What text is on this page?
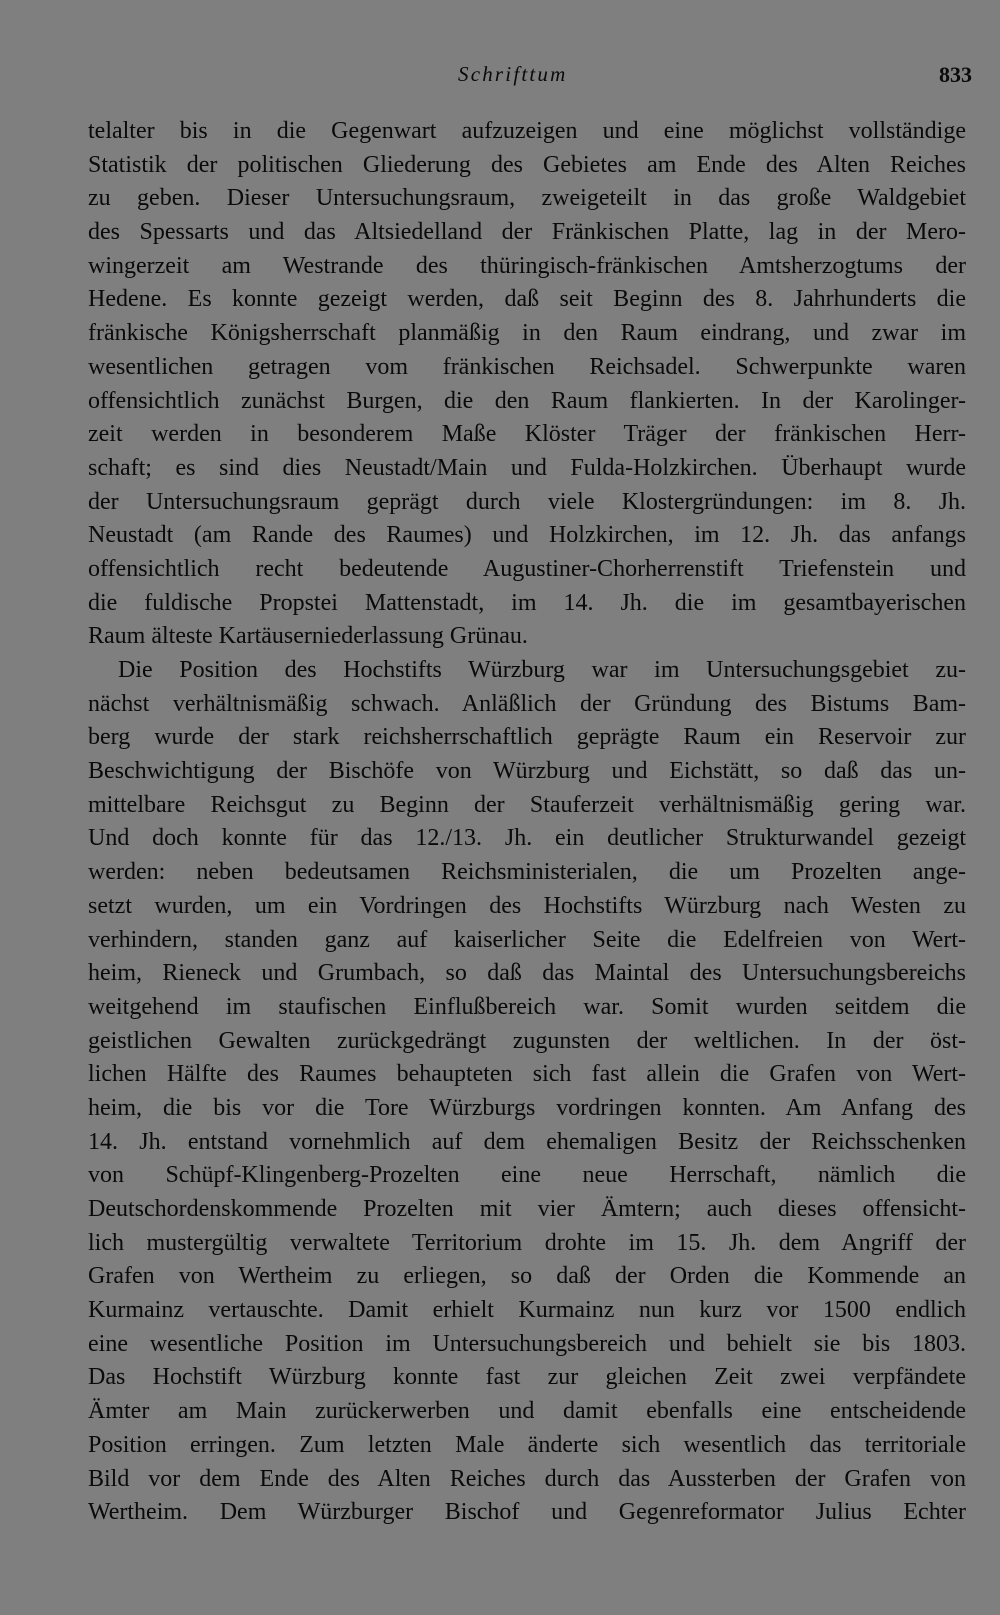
Schrifttum	833
telalter bis in die Gegenwart aufzuzeigen und eine möglichst vollständige
Statistik der politischen Gliederung des Gebietes am Ende des Alten Reiches
zu geben. Dieser Untersuchungsraum, zweigeteilt in das große Waldgebiet
des Spessarts und das Altsiedelland der Fränkischen Platte, lag in der Mero-
wingerzeit am Westrande des thüringisch-fränkischen Amtsherzogtums der
Hedene. Es konnte gezeigt werden, daß seit Beginn des 8. Jahrhunderts die
fränkische Königsherrschaft planmäßig in den Raum eindrang, und zwar im
wesentlichen getragen vom fränkischen Reichsadel. Schwerpunkte waren
offensichtlich zunächst Burgen, die den Raum flankierten. In der Karolinger-
zeit werden in besonderem Maße Klöster Träger der fränkischen Herr-
schaft; es sind dies Neustadt/Main und Fulda-Holzkirchen. Überhaupt wurde
der Untersuchungsraum geprägt durch viele Klostergründungen: im 8. Jh.
Neustadt (am Rande des Raumes) und Holzkirchen, im 12. Jh. das anfangs
offensichtlich recht bedeutende Augustiner-Chorherrenstift Triefenstein und
die fuldische Propstei Mattenstadt, im 14. Jh. die im gesamtbayerischen
Raum älteste Kartäuserniederlassung Grünau.
Die Position des Hochstifts Würzburg war im Untersuchungsgebiet zu-
nächst verhältnismäßig schwach. Anläßlich der Gründung des Bistums Bam-
berg wurde der stark reichsherrschaftlich geprägte Raum ein Reservoir zur
Beschwichtigung der Bischöfe von Würzburg und Eichstätt, so daß das un-
mittelbare Reichsgut zu Beginn der Stauferzeit verhältnismäßig gering war.
Und doch konnte für das 12./13. Jh. ein deutlicher Strukturwandel gezeigt
werden: neben bedeutsamen Reichsministerialen, die um Prozelten ange-
setzt wurden, um ein Vordringen des Hochstifts Würzburg nach Westen zu
verhindern, standen ganz auf kaiserlicher Seite die Edelfreien von Wert-
heim, Rieneck und Grumbach, so daß das Maintal des Untersuchungsbereichs
weitgehend im staufischen Einflußbereich war. Somit wurden seitdem die
geistlichen Gewalten zurückgedrängt zugunsten der weltlichen. In der öst-
lichen Hälfte des Raumes behaupteten sich fast allein die Grafen von Wert-
heim, die bis vor die Tore Würzburgs vordringen konnten. Am Anfang des
14. Jh. entstand vornehmlich auf dem ehemaligen Besitz der Reichsschenken
von Schüpf-Klingenberg-Prozelten eine neue Herrschaft, nämlich die
Deutschordenskommende Prozelten mit vier Ämtern; auch dieses offensicht-
lich mustergültig verwaltete Territorium drohte im 15. Jh. dem Angriff der
Grafen von Wertheim zu erliegen, so daß der Orden die Kommende an
Kurmainz vertauschte. Damit erhielt Kurmainz nun kurz vor 1500 endlich
eine wesentliche Position im Untersuchungsbereich und behielt sie bis 1803.
Das Hochstift Würzburg konnte fast zur gleichen Zeit zwei verpfändete
Ämter am Main zurückerwerben und damit ebenfalls eine entscheidende
Position erringen. Zum letzten Male änderte sich wesentlich das territoriale
Bild vor dem Ende des Alten Reiches durch das Aussterben der Grafen von
Wertheim. Dem Würzburger Bischof und Gegenreformator Julius Echter
